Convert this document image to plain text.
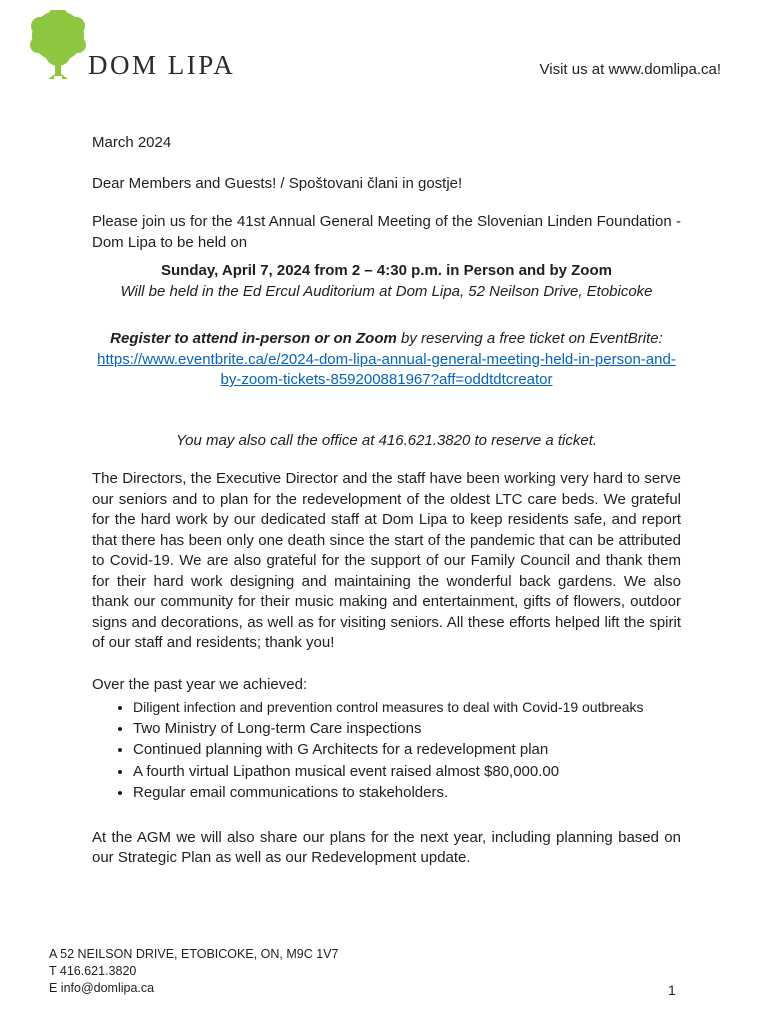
DOM LIPA	Visit us at www.domlipa.ca!
March 2024
Dear Members and Guests! / Spoštovani člani in gostje!
Please join us for the 41st Annual General Meeting of the Slovenian Linden Foundation - Dom Lipa to be held on
Sunday, April 7, 2024 from 2 – 4:30 p.m. in Person and by Zoom
Will be held in the Ed Ercul Auditorium at Dom Lipa, 52 Neilson Drive, Etobicoke
Register to attend in-person or on Zoom by reserving a free ticket on EventBrite:
https://www.eventbrite.ca/e/2024-dom-lipa-annual-general-meeting-held-in-person-and-by-zoom-tickets-859200881967?aff=oddtdtcreator
You may also call the office at 416.621.3820 to reserve a ticket.
The Directors, the Executive Director and the staff have been working very hard to serve our seniors and to plan for the redevelopment of the oldest LTC care beds. We grateful for the hard work by our dedicated staff at Dom Lipa to keep residents safe, and report that there has been only one death since the start of the pandemic that can be attributed to Covid-19. We are also grateful for the support of our Family Council and thank them for their hard work designing and maintaining the wonderful back gardens. We also thank our community for their music making and entertainment, gifts of flowers, outdoor signs and decorations, as well as for visiting seniors. All these efforts helped lift the spirit of our staff and residents; thank you!
Over the past year we achieved:
• Diligent infection and prevention control measures to deal with Covid-19 outbreaks
• Two Ministry of Long-term Care inspections
• Continued planning with G Architects for a redevelopment plan
• A fourth virtual Lipathon musical event raised almost $80,000.00
• Regular email communications to stakeholders.
At the AGM we will also share our plans for the next year, including planning based on our Strategic Plan as well as our Redevelopment update.
A 52 NEILSON DRIVE, ETOBICOKE, ON, M9C 1V7
T 416.621.3820
E info@domlipa.ca	1
